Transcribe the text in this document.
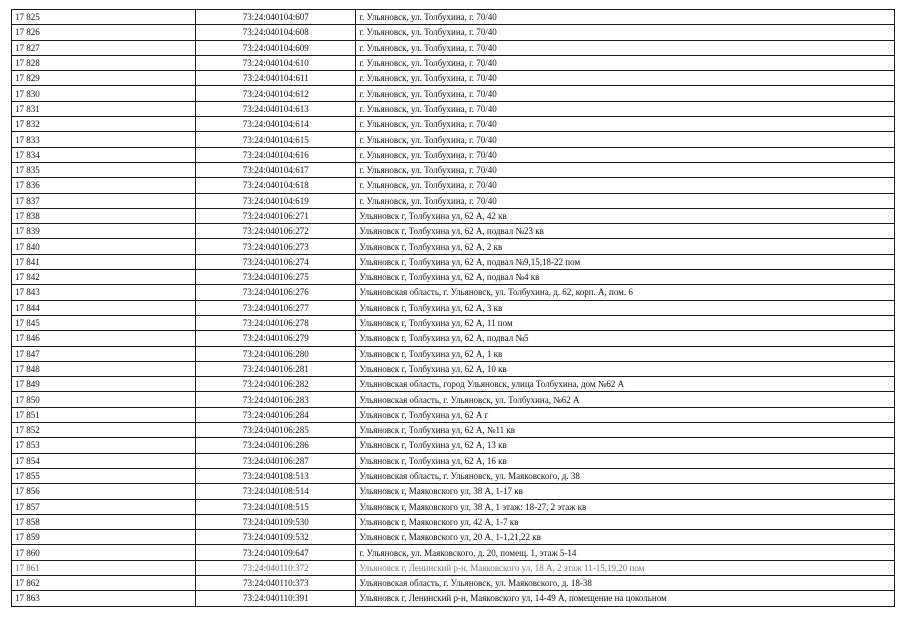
17 825	73:24:040104:607	г. Ульяновск, ул. Толбухина, г. 70/40
17 826	73:24:040104:608	г. Ульяновск, ул. Толбухина, г. 70/40
17 827	73:24:040104:609	г. Ульяновск, ул. Толбухина, г. 70/40
17 828	73:24:040104:610	г. Ульяновск, ул. Толбухина, г. 70/40
17 829	73:24:040104:611	г. Ульяновск, ул. Толбухина, г. 70/40
17 830	73:24:040104:612	г. Ульяновск, ул. Толбухина, г. 70/40
17 831	73:24:040104:613	г. Ульяновск, ул. Толбухина, г. 70/40
17 832	73:24:040104:614	г. Ульяновск, ул. Толбухина, г. 70/40
17 833	73:24:040104:615	г. Ульяновск, ул. Толбухина, г. 70/40
17 834	73:24:040104:616	г. Ульяновск, ул. Толбухина, г. 70/40
17 835	73:24:040104:617	г. Ульяновск, ул. Толбухина, г. 70/40
17 836	73:24:040104:618	г. Ульяновск, ул. Толбухина, г. 70/40
17 837	73:24:040104:619	г. Ульяновск, ул. Толбухина, г. 70/40
17 838	73:24:040106:271	Ульяновск г, Толбухина ул, 62 А, 42 кв
17 839	73:24:040106:272	Ульяновск г, Толбухина ул, 62 А, подвал №23 кв
17 840	73:24:040106:273	Ульяновск г, Толбухина ул, 62 А, 2 кв
17 841	73:24:040106:274	Ульяновск г, Толбухина ул, 62 А, подвал №9,15,18-22 пом
17 842	73:24:040106:275	Ульяновск г, Толбухина ул, 62 А, подвал №4 кв
17 843	73:24:040106:276	Ульяновская область, г. Ульяновск, ул. Толбухина, д. 62, корп. А, пом. 6
17 844	73:24:040106:277	Ульяновск г, Толбухина ул, 62 А, 3 кв
17 845	73:24:040106:278	Ульяновск г, Толбухина ул, 62 А, 11 пом
17 846	73:24:040106:279	Ульяновск г, Толбухина ул, 62 А, подвал №5
17 847	73:24:040106:280	Ульяновск г, Толбухина ул, 62 А, 1 кв
17 848	73:24:040106:281	Ульяновск г, Толбухина ул, 62 А, 10 кв
17 849	73:24:040106:282	Ульяновская область, город Ульяновск, улица Толбухина, дом №62 А
17 850	73:24:040106:283	Ульяновская область, г. Ульяновск, ул. Толбухина, №62 А
17 851	73:24:040106:284	Ульяновск г, Толбухина ул, 62 А г
17 852	73:24:040106:285	Ульяновск г, Толбухина ул, 62 А, №11 кв
17 853	73:24:040106:286	Ульяновск г, Толбухина ул, 62 А, 13 кв
17 854	73:24:040106:287	Ульяновск г, Толбухина ул, 62 А, 16 кв
17 855	73:24:040108:513	Ульяновская область, г. Ульяновск, ул. Маяковского, д. 38
17 856	73:24:040108:514	Ульяновск г, Маяковского ул, 38 А, 1-17 кв
17 857	73:24:040108:515	Ульяновск г, Маяковского ул, 38 А, 1 этаж: 18-27, 2 этаж кв
17 858	73:24:040109:530	Ульяновск г, Маяковского ул, 42 А, 1-7 кв
17 859	73:24:040109:532	Ульяновск г, Маяковского ул, 20 А, 1-1,21,22 кв
17 860	73:24:040109:647	г. Ульяновск, ул. Маяковского, д. 20, помещ. 1, этаж 5-14
17 861	73:24:040110:372	Ульяновск г, Ленинский р-н, Маяковского ул, 18 А, 2 этаж 11-15,19,20 пом
17 862	73:24:040110:373	Ульяновская область, г. Ульяновск, ул. Маяковского, д. 18-38
17 863	73:24:040110:391	Ульяновск г, Ленинский р-н, Маяковского ул, 14-49 А, помещение на цокольном
